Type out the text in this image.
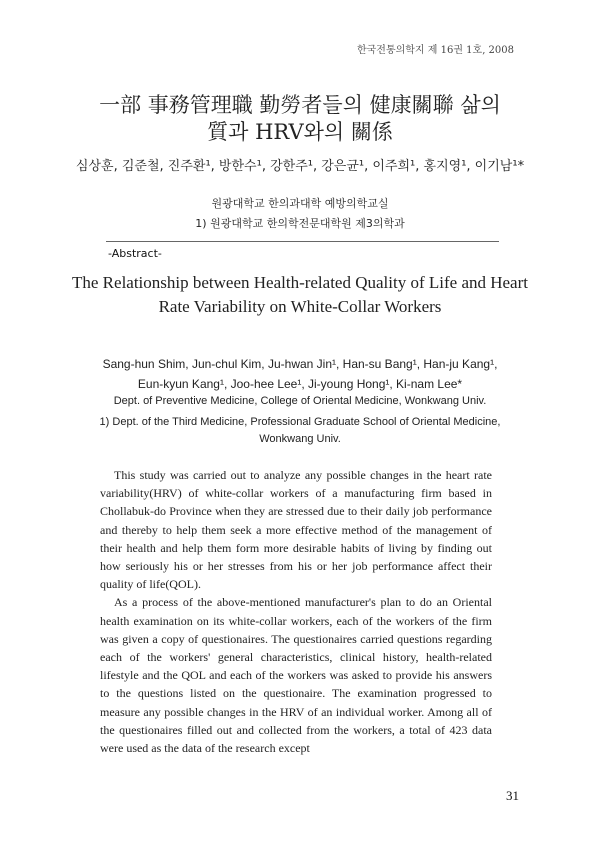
한국전통의학지 제 16권 1호, 2008
一部 事務管理職 勤勞者들의 健康關聯 삶의
質과 HRV와의 關係
심상훈, 김준철, 진주환¹, 방한수¹, 강한주¹, 강은균¹, 이주희¹, 홍지영¹, 이기남¹*
원광대학교 한의과대학 예방의학교실
1) 원광대학교 한의학전문대학원 제3의학과
-Abstract-
The Relationship between Health-related Quality of Life and Heart Rate Variability on White-Collar Workers
Sang-hun Shim, Jun-chul Kim, Ju-hwan Jin¹, Han-su Bang¹, Han-ju Kang¹, Eun-kyun Kang¹, Joo-hee Lee¹, Ji-young Hong¹, Ki-nam Lee*
Dept. of Preventive Medicine, College of Oriental Medicine, Wonkwang Univ.
1) Dept. of the Third Medicine, Professional Graduate School of Oriental Medicine, Wonkwang Univ.

This study was carried out to analyze any possible changes in the heart rate variability(HRV) of white-collar workers of a manufacturing firm based in Chollabuk-do Province when they are stressed due to their daily job performance and thereby to help them seek a more effective method of the management of their health and help them form more desirable habits of living by finding out how seriously his or her stresses from his or her job performance affect their quality of life(QOL).

As a process of the above-mentioned manufacturer's plan to do an Oriental health examination on its white-collar workers, each of the workers of the firm was given a copy of questionaires. The questionaires carried questions regarding each of the workers' general characteristics, clinical history, health-related lifestyle and the QOL and each of the workers was asked to provide his answers to the questions listed on the questionaire. The examination progressed to measure any possible changes in the HRV of an individual worker. Among all of the questionaires filled out and collected from the workers, a total of 423 data were used as the data of the research except

31
